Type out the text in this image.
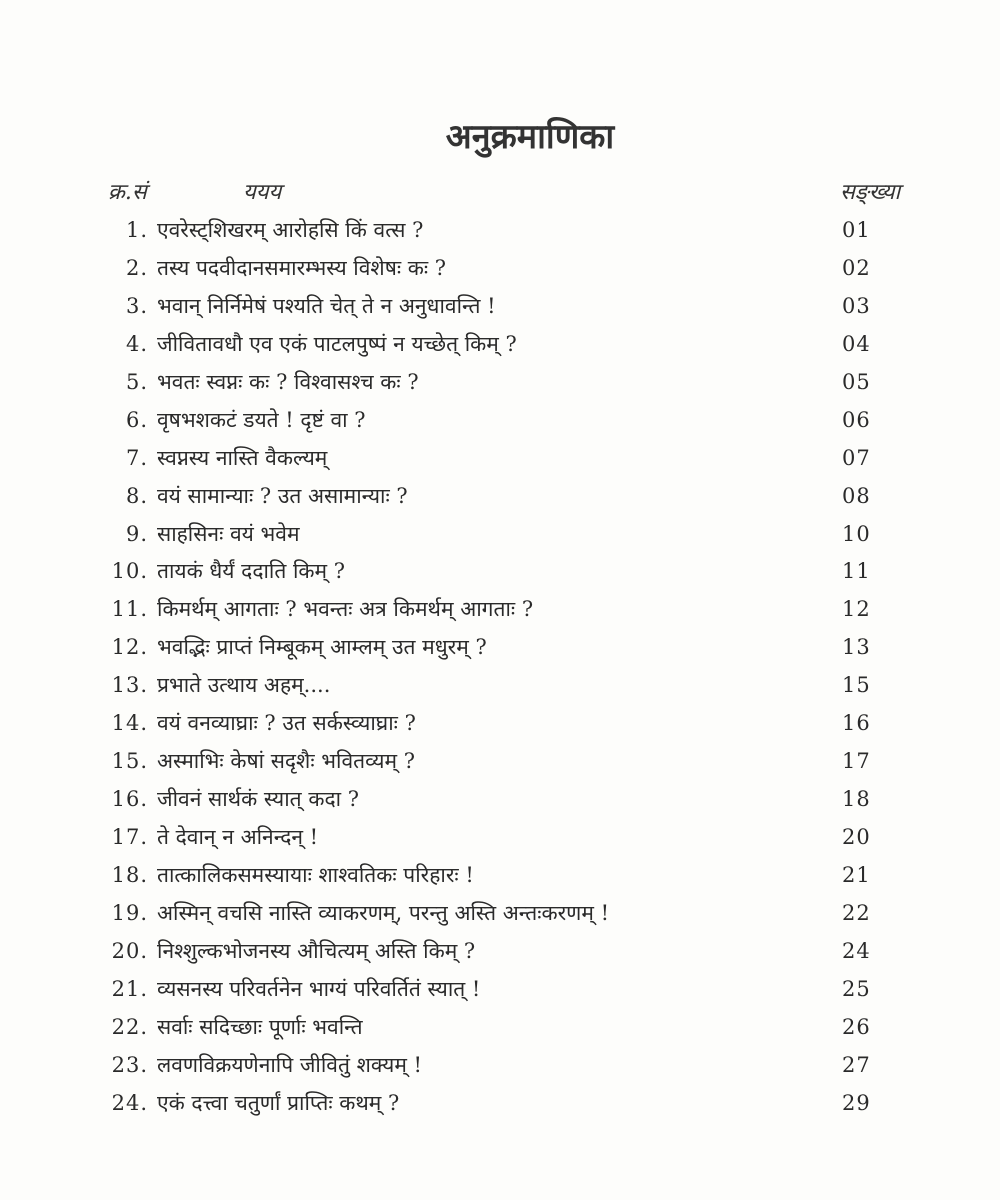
अनुक्रमाणिका
क्र.सं	ययय	सङ्ख्या
1. एवरेस्ट्शिखरम् आरोहसि किं वत्स ?	01
2. तस्य पदवीदानसमारम्भस्य विशेषः कः ?	02
3. भवान् निर्निमेषं पश्यति चेत् ते न अनुधावन्ति !	03
4. जीवितावधौ एव एकं पाटलपुष्पं न यच्छेत् किम् ?	04
5. भवतः स्वप्नः कः ? विश्वासश्च कः ?	05
6. वृषभशकटं डयते ! दृष्टं वा ?	06
7. स्वप्नस्य नास्ति वैकल्यम्	07
8. वयं सामान्याः ? उत असामान्याः ?	08
9. साहसिनः वयं भवेम	10
10. तायकं धैर्यं ददाति किम् ?	11
11. किमर्थम् आगताः ? भवन्तः अत्र किमर्थम् आगताः ?	12
12. भवद्भिः प्राप्तं निम्बूकम् आम्लम् उत मधुरम् ?	13
13. प्रभाते उत्थाय अहम्....	15
14. वयं वनव्याघ्राः ? उत सर्कस्व्याघ्राः ?	16
15. अस्माभिः केषां सदृशैः भवितव्यम् ?	17
16. जीवनं सार्थकं स्यात् कदा ?	18
17. ते देवान् न अनिन्दन् !	20
18. तात्कालिकसमस्यायाः शाश्वतिकः परिहारः !	21
19. अस्मिन् वचसि नास्ति व्याकरणम्, परन्तु अस्ति अन्तःकरणम् !	22
20. निश्शुल्कभोजनस्य औचित्यम् अस्ति किम् ?	24
21. व्यसनस्य परिवर्तनेन भाग्यं परिवर्तितं स्यात् !	25
22. सर्वाः सदिच्छाः पूर्णाः भवन्ति	26
23. लवणविक्रयणेनापि जीवितुं शक्यम् !	27
24. एकं दत्त्वा चतुर्णां प्राप्तिः कथम् ?	29
